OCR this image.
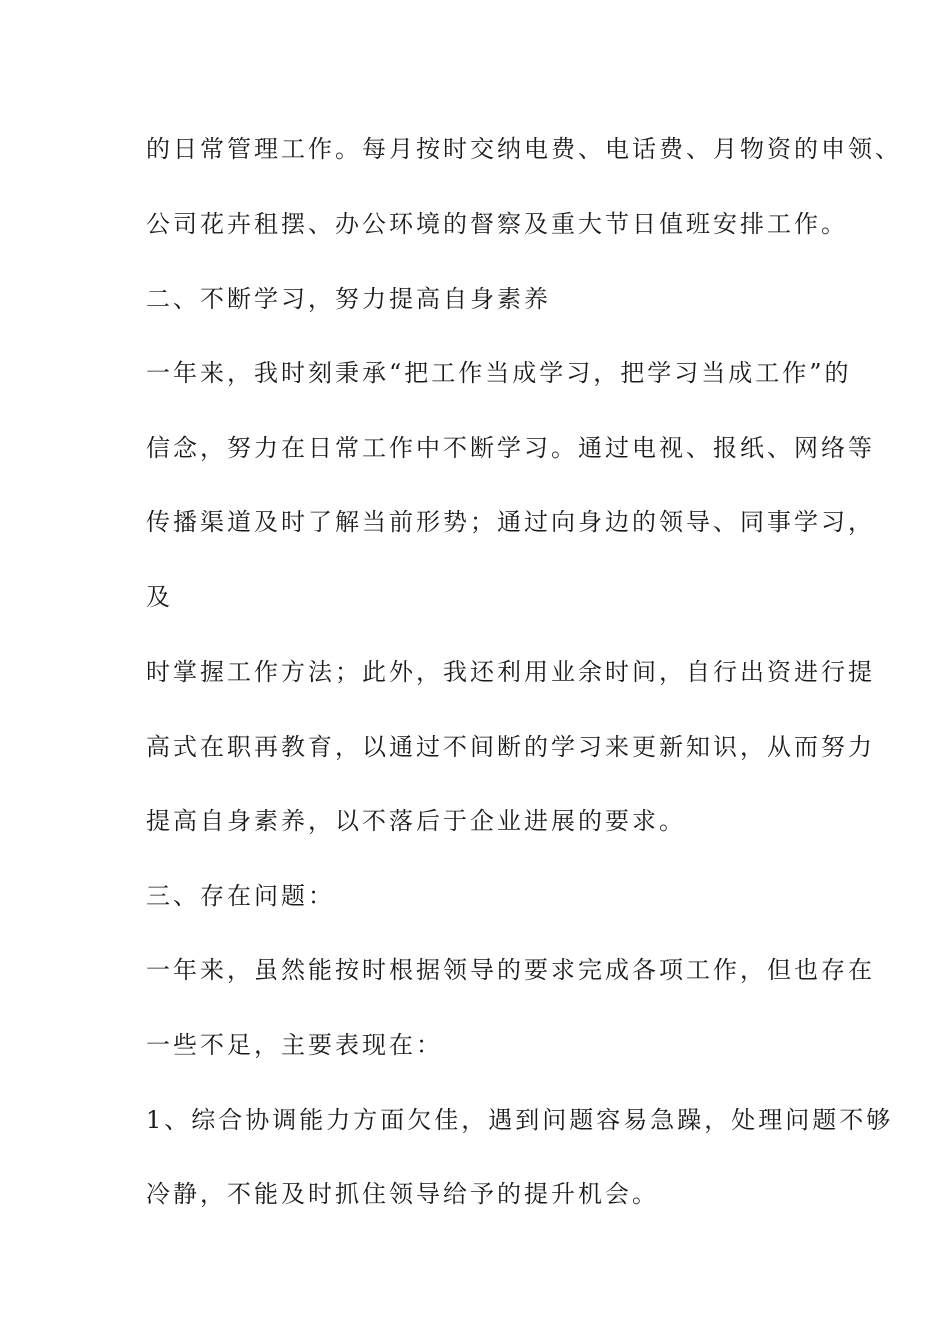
的日常管理工作。每月按时交纳电费、电话费、月物资的申领、

公司花卉租摆、办公环境的督察及重大节日值班安排工作。

二、不断学习，努力提高自身素养

一年来，我时刻秉承“把工作当成学习，把学习当成工作”的

信念，努力在日常工作中不断学习。通过电视、报纸、网络等

传播渠道及时了解当前形势；通过向身边的领导、同事学习，

及

时掌握工作方法；此外，我还利用业余时间，自行出资进行提

高式在职再教育，以通过不间断的学习来更新知识，从而努力

提高自身素养，以不落后于企业进展的要求。

三、存在问题：

一年来，虽然能按时根据领导的要求完成各项工作，但也存在

一些不足，主要表现在：

1、综合协调能力方面欠佳，遇到问题容易急躁，处理问题不够

冷静，不能及时抓住领导给予的提升机会。
